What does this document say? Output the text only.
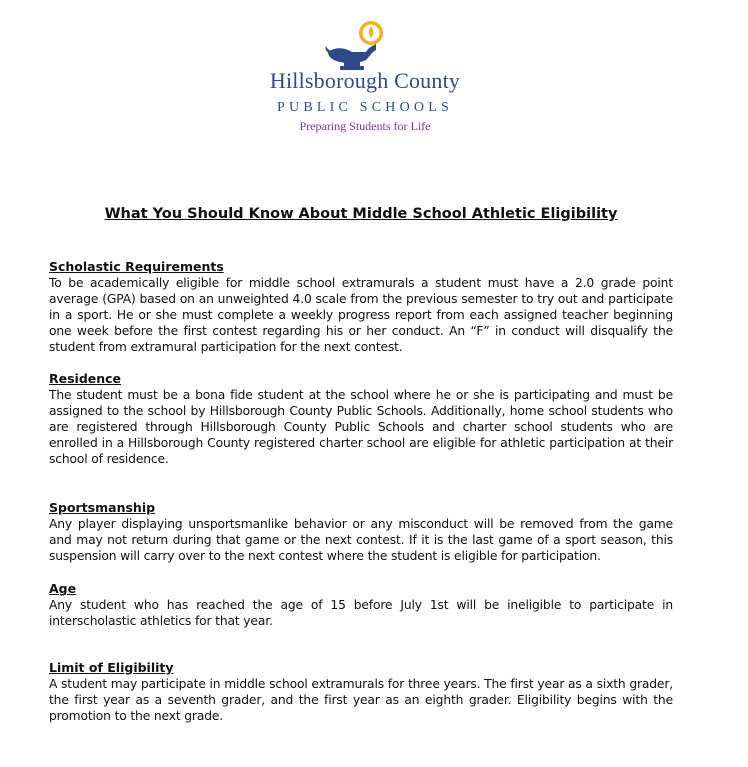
Hillsborough County
PUBLIC SCHOOLS
Preparing Students for Life
What You Should Know About Middle School Athletic Eligibility

Scholastic Requirements

To be academically eligible for middle school extramurals a student must have a 2.0 grade point average (GPA) based on an unweighted 4.0 scale from the previous semester to try out and participate in a sport. He or she must complete a weekly progress report from each assigned teacher beginning one week before the first contest regarding his or her conduct. An “F” in conduct will disqualify the student from extramural participation for the next contest.

Residence

The student must be a bona fide student at the school where he or she is participating and must be assigned to the school by Hillsborough County Public Schools. Additionally, home school students who are registered through Hillsborough County Public Schools and charter school students who are enrolled in a Hillsborough County registered charter school are eligible for athletic participation at their school of residence.

Sportsmanship

Any player displaying unsportsmanlike behavior or any misconduct will be removed from the game and may not return during that game or the next contest. If it is the last game of a sport season, this suspension will carry over to the next contest where the student is eligible for participation.

Age

Any student who has reached the age of 15 before July 1st will be ineligible to participate in interscholastic athletics for that year.

Limit of Eligibility

A student may participate in middle school extramurals for three years. The first year as a sixth grader, the first year as a seventh grader, and the first year as an eighth grader. Eligibility begins with the promotion to the next grade.
